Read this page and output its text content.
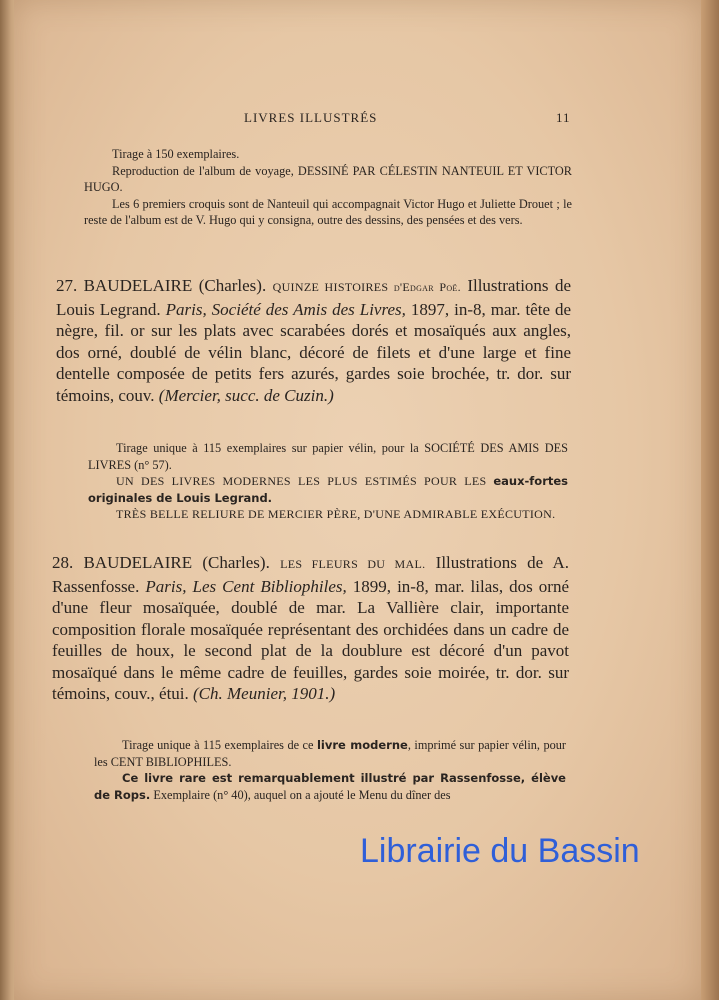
LIVRES ILLUSTRÉS	11

Tirage à 150 exemplaires.

Reproduction de l'album de voyage, DESSINÉ PAR CÉLESTIN NANTEUIL ET VICTOR HUGO.

Les 6 premiers croquis sont de Nanteuil qui accompagnait Victor Hugo et Juliette Drouet ; le reste de l'album est de V. Hugo qui y consigna, outre des dessins, des pensées et des vers.

27. BAUDELAIRE (Charles). QUINZE HISTOIRES d'Edgar Poë. Illustrations de Louis Legrand. Paris, Société des Amis des Livres, 1897, in-8, mar. tête de nègre, fil. or sur les plats avec scarabées dorés et mosaïqués aux angles, dos orné, doublé de vélin blanc, décoré de filets et d'une large et fine dentelle composée de petits fers azurés, gardes soie brochée, tr. dor. sur témoins, couv. (Mercier, succ. de Cuzin.)

Tirage unique à 115 exemplaires sur papier vélin, pour la SOCIÉTÉ DES AMIS DES LIVRES (n° 57).

UN DES LIVRES MODERNES LES PLUS ESTIMÉS POUR LES eaux-fortes originales de Louis Legrand.

TRÈS BELLE RELIURE DE MERCIER PÈRE, D'UNE ADMIRABLE EXÉCUTION.

28. BAUDELAIRE (Charles). LES FLEURS DU MAL. Illustrations de A. Rassenfosse. Paris, Les Cent Bibliophiles, 1899, in-8, mar. lilas, dos orné d'une fleur mosaïquée, doublé de mar. La Vallière clair, importante composition florale mosaïquée représentant des orchidées dans un cadre de feuilles de houx, le second plat de la doublure est décoré d'un pavot mosaïqué dans le même cadre de feuilles, gardes soie moirée, tr. dor. sur témoins, couv., étui. (Ch. Meunier, 1901.)

Tirage unique à 115 exemplaires de ce livre moderne, imprimé sur papier vélin, pour les CENT BIBLIOPHILES.

Ce livre rare est remarquablement illustré par Rassenfosse, élève de Rops. Exemplaire (n° 40), auquel on a ajouté le Menu du dîner des

Librairie du Bassin
